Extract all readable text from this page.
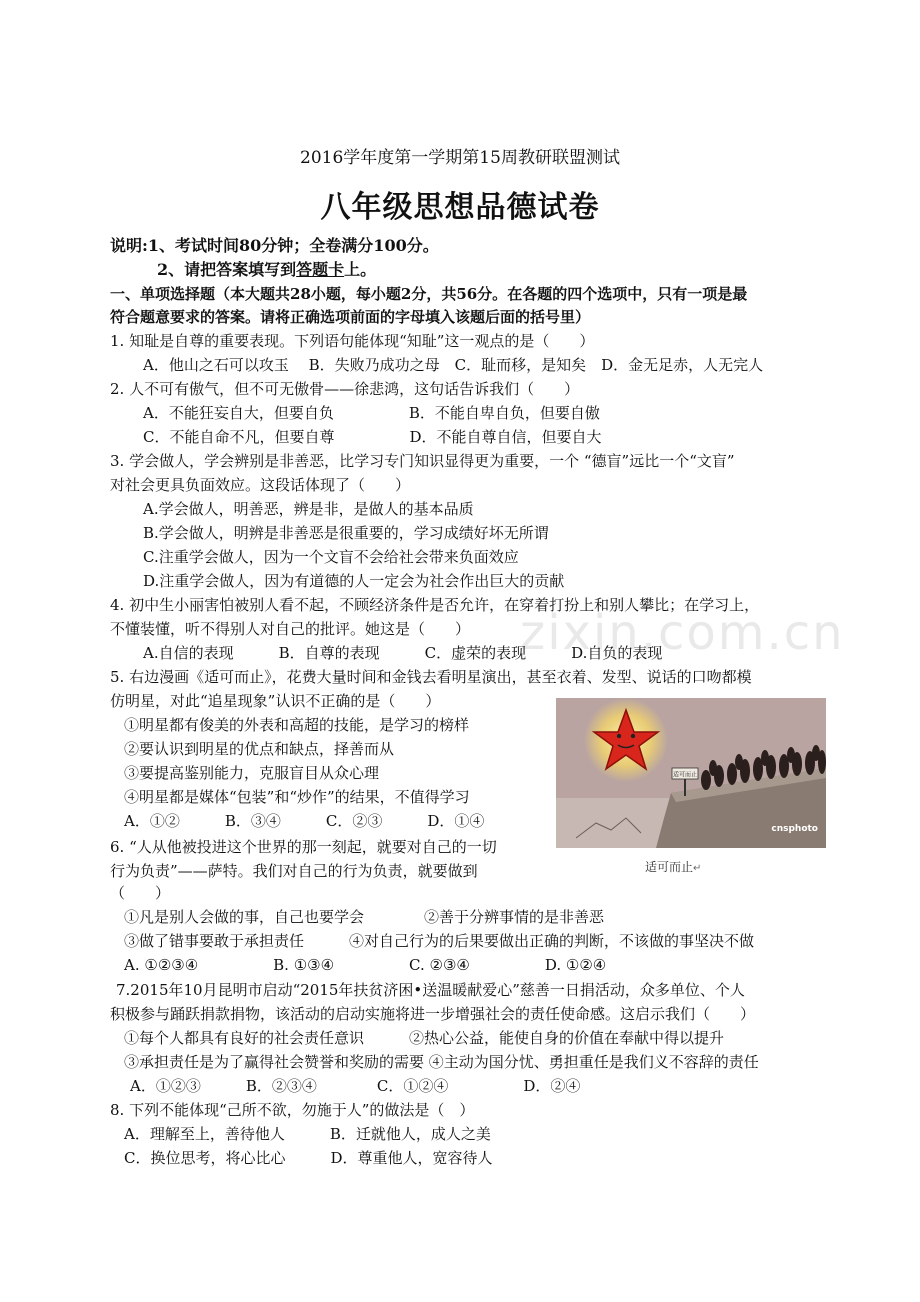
zixin.com.cn
2016学年度第一学期第15周教研联盟测试
八年级思想品德试卷
说明:1、考试时间80分钟；全卷满分100分。
2、请把答案填写到答题卡上。
一、单项选择题（本大题共28小题，每小题2分，共56分。在各题的四个选项中，只有一项是最
符合题意要求的答案。请将正确选项前面的字母填入该题后面的括号里）
1. 知耻是自尊的重要表现。下列语句能体现“知耻”这一观点的是（　　）
A．他山之石可以攻玉　 B．失败乃成功之母　C．耻而移，是知矣　D．金无足赤，人无完人
2. 人不可有傲气，但不可无傲骨——徐悲鸿，这句话告诉我们（　　）
A．不能狂妄自大，但要自负　　　　　B．不能自卑自负，但要自傲
C．不能自命不凡，但要自尊　　　　　D．不能自尊自信，但要自大
3. 学会做人，学会辨别是非善恶，比学习专门知识显得更为重要，一个 “德盲”远比一个“文盲”
对社会更具负面效应。这段话体现了（　　）
A.学会做人，明善恶，辨是非，是做人的基本品质
B.学会做人，明辨是非善恶是很重要的，学习成绩好坏无所谓
C.注重学会做人，因为一个文盲不会给社会带来负面效应
D.注重学会做人，因为有道德的人一定会为社会作出巨大的贡献
4. 初中生小丽害怕被别人看不起，不顾经济条件是否允许，在穿着打扮上和别人攀比；在学习上，
不懂装懂，听不得别人对自己的批评。她这是（　　）
A.自信的表现　　　B．自尊的表现　　　C．虚荣的表现　　　D.自负的表现
5. 右边漫画《适可而止》，花费大量时间和金钱去看明星演出，甚至衣着、发型、说话的口吻都模
仿明星，对此“追星现象”认识不正确的是（　　）
①明星都有俊美的外表和高超的技能，是学习的榜样
②要认识到明星的优点和缺点，择善而从
③要提高鉴别能力，克服盲目从众心理
④明星都是媒体“包装”和“炒作”的结果，不值得学习
A．①②　　　B．③④　　　C．②③　　　D．①④
适可而止
cnsphoto
适可而止↵
6. “人从他被投进这个世界的那一刻起，就要对自己的一切
行为负责”——萨特。我们对自己的行为负责，就要做到
（　　）
①凡是别人会做的事，自己也要学会　　　　②善于分辨事情的是非善恶
③做了错事要敢于承担责任　　　④对自己行为的后果要做出正确的判断，不该做的事坚决不做
A. ①②③④　　　　　B. ①③④　　　　　C. ②③④　　　　　D. ①②④
7.2015年10月昆明市启动“2015年扶贫济困•送温暖献爱心”慈善一日捐活动，众多单位、个人
积极参与踊跃捐款捐物，该活动的启动实施将进一步增强社会的责任使命感。这启示我们（　　）
①每个人都具有良好的社会责任意识　　　②热心公益，能使自身的价值在奉献中得以提升
③承担责任是为了赢得社会赞誉和奖励的需要 ④主动为国分忧、勇担重任是我们义不容辞的责任
A．①②③　　　B．②③④　　　　C．①②④　　　　　D．②④
8. 下列不能体现“己所不欲，勿施于人”的做法是（　）
A．理解至上，善待他人　　　B．迁就他人，成人之美
C．换位思考，将心比心　　　D．尊重他人，宽容待人
